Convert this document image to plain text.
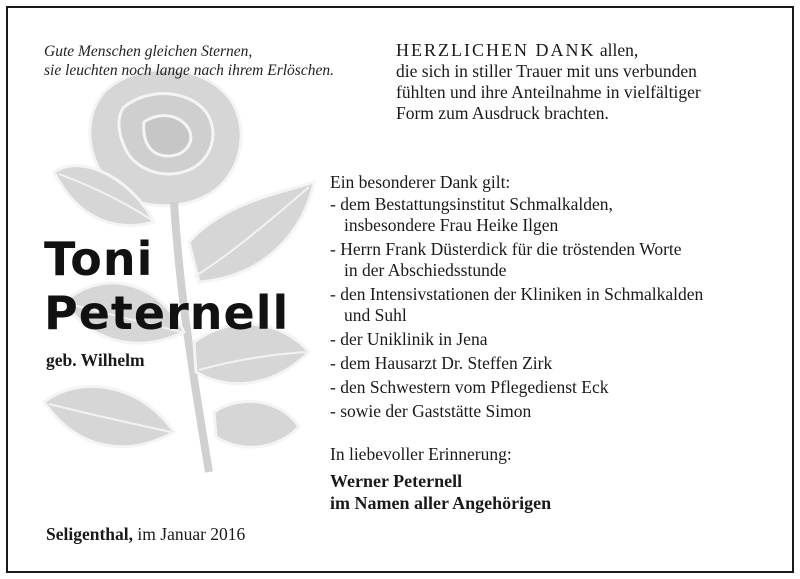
Gute Menschen gleichen Sternen,
sie leuchten noch lange nach ihrem Erlöschen.
HERZLICHEN DANK allen,
die sich in stiller Trauer mit uns verbunden
fühlten und ihre Anteilnahme in vielfältiger
Form zum Ausdruck brachten.
Toni
Peternell
geb. Wilhelm
Ein besonderer Dank gilt:
- dem Bestattungsinstitut Schmalkalden,
insbesondere Frau Heike Ilgen
- Herrn Frank Düsterdick für die tröstenden Worte
in der Abschiedsstunde
- den Intensivstationen der Kliniken in Schmalkalden
und Suhl
- der Uniklinik in Jena
- dem Hausarzt Dr. Steffen Zirk
- den Schwestern vom Pflegedienst Eck
- sowie der Gaststätte Simon
In liebevoller Erinnerung:
Werner Peternell
im Namen aller Angehörigen
Seligenthal, im Januar 2016
